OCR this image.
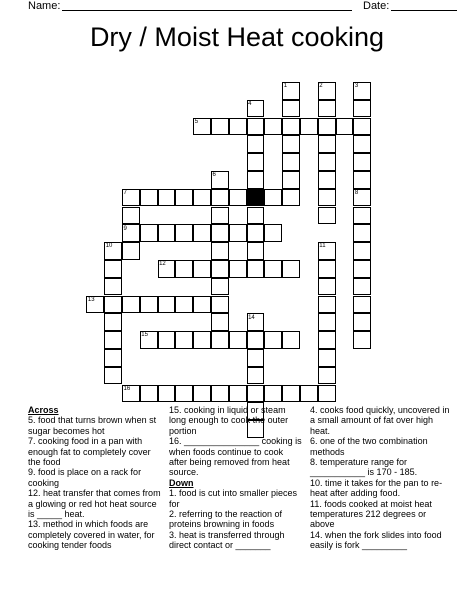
Name:	Date:
Dry / Moist Heat cooking
1	2	3
4
5
6
7	8
9
10	11
12
13
14
15
16
Across
5. food that turns brown when st sugar becomes hot
7. cooking food in a pan with enough fat to completely cover the food
9. food is place on a rack for cooking
12. heat transfer that comes from a glowing or red hot heat source is _____ heat.
13. method in which foods are completely covered in water, for cooking tender foods
15. cooking in liquid or steam long enough to cook the outer portion
16. _______________ cooking is when foods continue to cook after being removed from heat source.
Down
1. food is cut into smaller pieces for
2. referring to the reaction of proteins browning in foods
3. heat is transferred through direct contact or _______
4. cooks food quickly, uncovered in a small amount of fat over high heat.
6. one of the two combination methods
8. temperature range for ___________ is 170 - 185.
10. time it takes for the pan to re-heat after adding food.
11. foods cooked at moist heat temperatures 212 degrees or above
14. when the fork slides into food easily is fork _________
